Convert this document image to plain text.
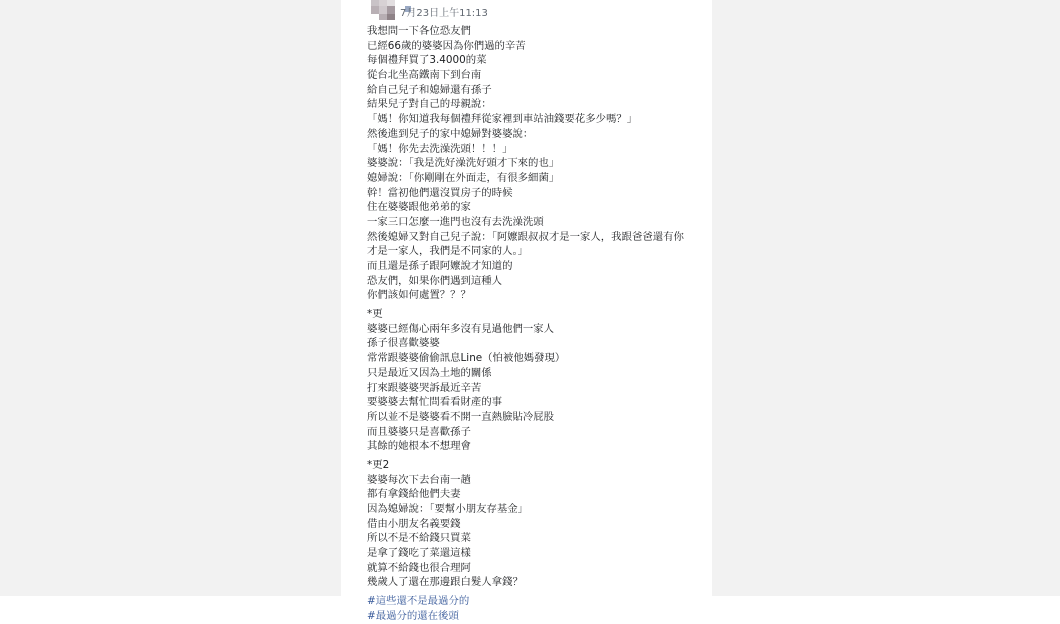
7月23日上午11:13
我想問一下各位恐友們
已經66歲的婆婆因為你們過的辛苦
每個禮拜買了3.4000的菜
從台北坐高鐵南下到台南
給自己兒子和媳婦還有孫子
結果兒子對自己的母親說：
「媽！你知道我每個禮拜從家裡到車站油錢要花多少嗎？」
然後進到兒子的家中媳婦對婆婆說：
「媽！你先去洗澡洗頭！！！」
婆婆說：「我是洗好澡洗好頭才下來的也」
媳婦說：「你剛剛在外面走，有很多細菌」
幹！當初他們還沒買房子的時候
住在婆婆跟他弟弟的家
一家三口怎麼一進門也沒有去洗澡洗頭
然後媳婦又對自己兒子說：「阿嬤跟叔叔才是一家人，我跟爸爸還有你
才是一家人，我們是不同家的人。」
而且還是孫子跟阿嬤說才知道的
恐友們，如果你們遇到這種人
你們該如何處置？？？
*更
婆婆已經傷心兩年多沒有見過他們一家人
孫子很喜歡婆婆
常常跟婆婆偷偷訊息Line（怕被他媽發現）
只是最近又因為土地的關係
打來跟婆婆哭訴最近辛苦
要婆婆去幫忙問看看財產的事
所以並不是婆婆看不開一直熱臉貼冷屁股
而且婆婆只是喜歡孫子
其餘的她根本不想理會
*更2
婆婆每次下去台南一趟
都有拿錢給他們夫妻
因為媳婦說：「要幫小朋友存基金」
借由小朋友名義要錢
所以不是不給錢只買菜
是拿了錢吃了菜還這樣
就算不給錢也很合理阿
幾歲人了還在那邊跟白髮人拿錢？
#這些還不是最過分的
#最過分的還在後頭
